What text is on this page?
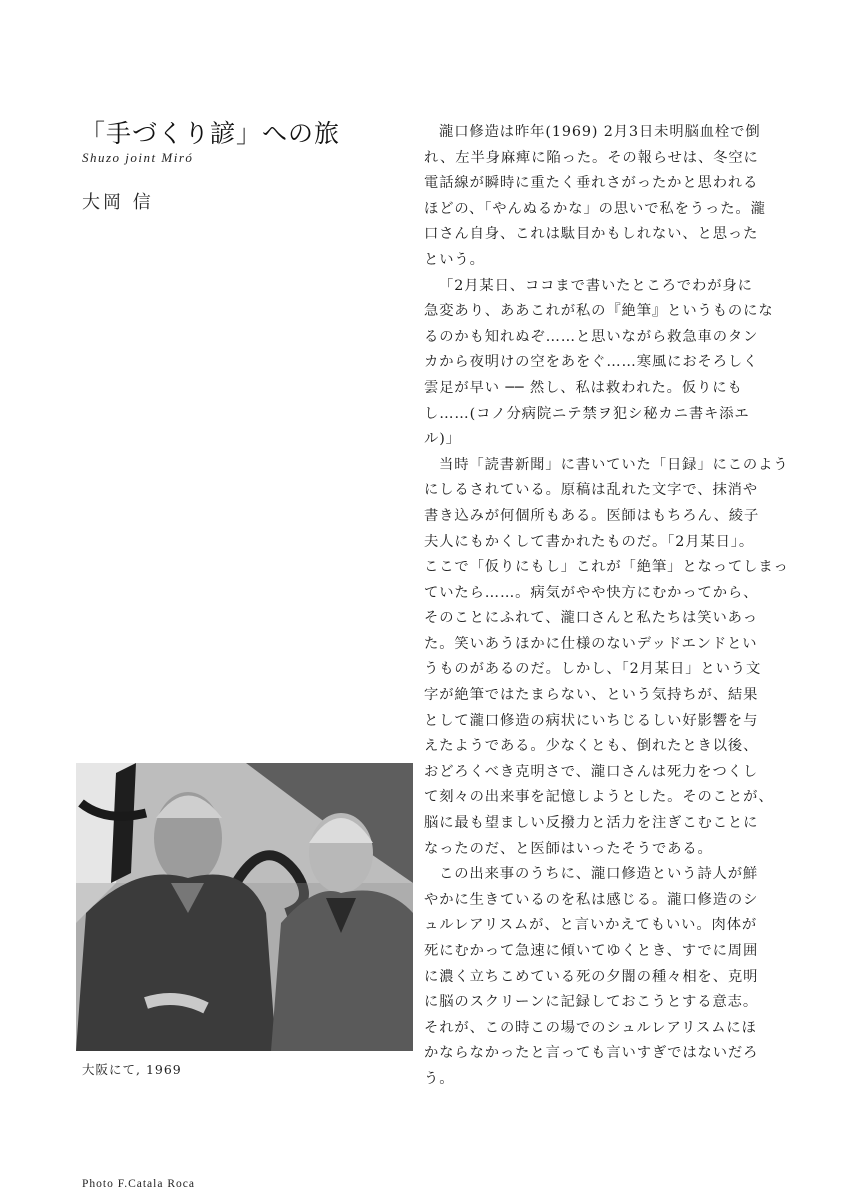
「手づくり諺」への旅
Shuzo joint Miró
大岡 信

瀧口修造は昨年(1969) 2月3日未明脳血栓で倒
れ、左半身麻痺に陥った。その報らせは、冬空に
電話線が瞬時に重たく垂れさがったかと思われる
ほどの、「やんぬるかな」の思いで私をうった。瀧
口さん自身、これは駄目かもしれない、と思った
という。

「2月某日、ココまで書いたところでわが身に
急変あり、ああこれが私の『絶筆』というものにな
るのかも知れぬぞ……と思いながら救急車のタン
カから夜明けの空をあをぐ……寒風におそろしく
雲足が早い ── 然し、私は救われた。仮りにも
し……(コノ分病院ニテ禁ヲ犯シ秘カニ書キ添エ
ル)」

当時「読書新聞」に書いていた「日録」にこのよう
にしるされている。原稿は乱れた文字で、抹消や
書き込みが何個所もある。医師はもちろん、綾子
夫人にもかくして書かれたものだ。「2月某日」。
ここで「仮りにもし」これが「絶筆」となってしまっ
ていたら……。病気がやや快方にむかってから、
そのことにふれて、瀧口さんと私たちは笑いあっ
た。笑いあうほかに仕様のないデッドエンドとい
うものがあるのだ。しかし、「2月某日」という文
字が絶筆ではたまらない、という気持ちが、結果
として瀧口修造の病状にいちじるしい好影響を与
えたようである。少なくとも、倒れたとき以後、
おどろくべき克明さで、瀧口さんは死力をつくし
て刻々の出来事を記憶しようとした。そのことが、
脳に最も望ましい反撥力と活力を注ぎこむことに
なったのだ、と医師はいったそうである。

この出来事のうちに、瀧口修造という詩人が鮮
やかに生きているのを私は感じる。瀧口修造のシ
ュルレアリスムが、と言いかえてもいい。肉体が
死にむかって急速に傾いてゆくとき、すでに周囲
に濃く立ちこめている死の夕闇の種々相を、克明
に脳のスクリーンに記録しておこうとする意志。
それが、この時この場でのシュルレアリスムにほ
かならなかったと言っても言いすぎではないだろ
う。

大阪にて, 1969
Photo F.Catala Roca
